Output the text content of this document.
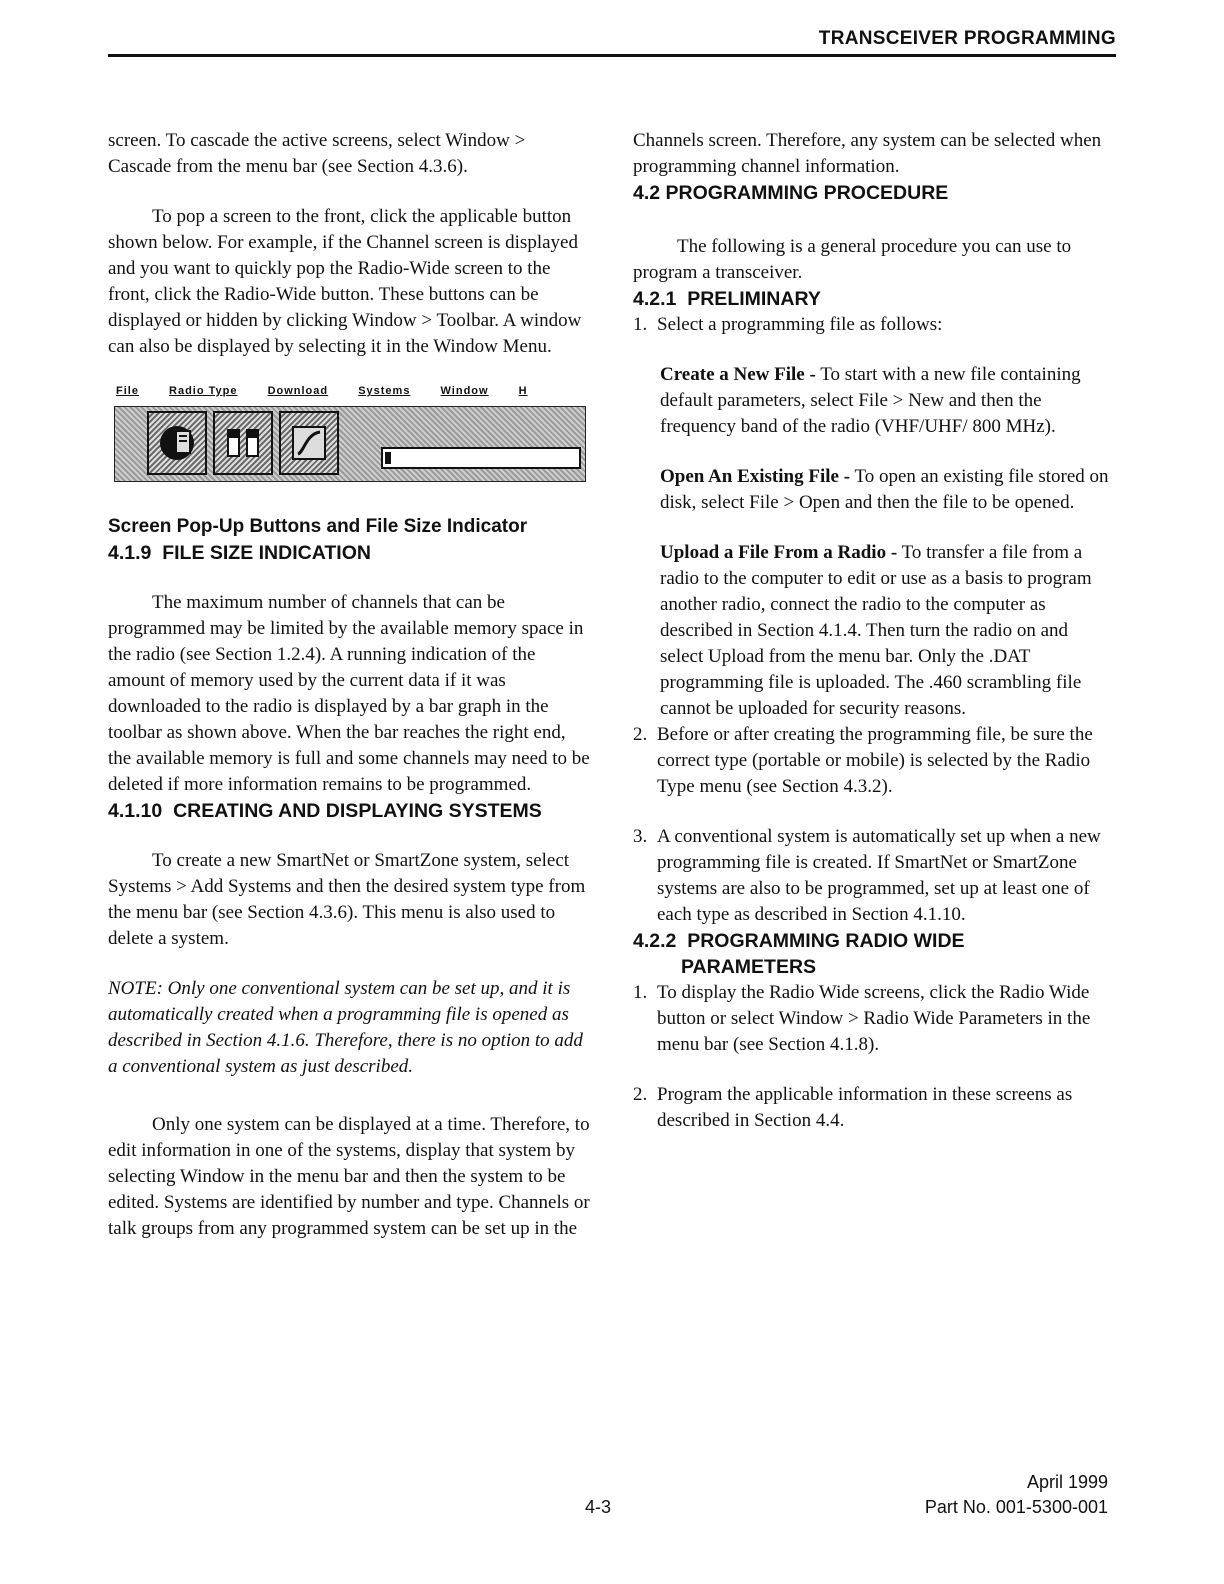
TRANSCEIVER PROGRAMMING

screen. To cascade the active screens, select Window > Cascade from the menu bar (see Section 4.3.6).

To pop a screen to the front, click the applicable button shown below. For example, if the Channel screen is displayed and you want to quickly pop the Radio-Wide screen to the front, click the Radio-Wide button. These buttons can be displayed or hidden by clicking Window > Toolbar. A window can also be displayed by selecting it in the Window Menu.

File	Radio Type	Download	Systems	Window	H
Screen Pop-Up Buttons and File Size Indicator
4.1.9 FILE SIZE INDICATION

The maximum number of channels that can be programmed may be limited by the available memory space in the radio (see Section 1.2.4). A running indication of the amount of memory used by the current data if it was downloaded to the radio is displayed by a bar graph in the toolbar as shown above. When the bar reaches the right end, the available memory is full and some channels may need to be deleted if more information remains to be programmed.

4.1.10 CREATING AND DISPLAYING SYSTEMS

To create a new SmartNet or SmartZone system, select Systems > Add Systems and then the desired system type from the menu bar (see Section 4.3.6). This menu is also used to delete a system.

NOTE: Only one conventional system can be set up, and it is automatically created when a programming file is opened as described in Section 4.1.6. Therefore, there is no option to add a conventional system as just described.

Only one system can be displayed at a time. Therefore, to edit information in one of the systems, display that system by selecting Window in the menu bar and then the system to be edited. Systems are identified by number and type. Channels or talk groups from any programmed system can be set up in the

Channels screen. Therefore, any system can be selected when programming channel information.

4.2 PROGRAMMING PROCEDURE

The following is a general procedure you can use to program a transceiver.

4.2.1 PRELIMINARY
1. Select a programming file as follows:

Create a New File - To start with a new file containing default parameters, select File > New and then the frequency band of the radio (VHF/UHF/ 800 MHz).

Open An Existing File - To open an existing file stored on disk, select File > Open and then the file to be opened.

Upload a File From a Radio - To transfer a file from a radio to the computer to edit or use as a basis to program another radio, connect the radio to the computer as described in Section 4.1.4. Then turn the radio on and select Upload from the menu bar. Only the .DAT programming file is uploaded. The .460 scrambling file cannot be uploaded for security reasons.

2. Before or after creating the programming file, be sure the correct type (portable or mobile) is selected by the Radio Type menu (see Section 4.3.2).
3. A conventional system is automatically set up when a new programming file is created. If SmartNet or SmartZone systems are also to be programmed, set up at least one of each type as described in Section 4.1.10.
4.2.2 PROGRAMMING RADIO WIDE
PARAMETERS
1. To display the Radio Wide screens, click the Radio Wide button or select Window > Radio Wide Parameters in the menu bar (see Section 4.1.8).
2. Program the applicable information in these screens as described in Section 4.4.
April 1999
4-3	Part No. 001-5300-001
